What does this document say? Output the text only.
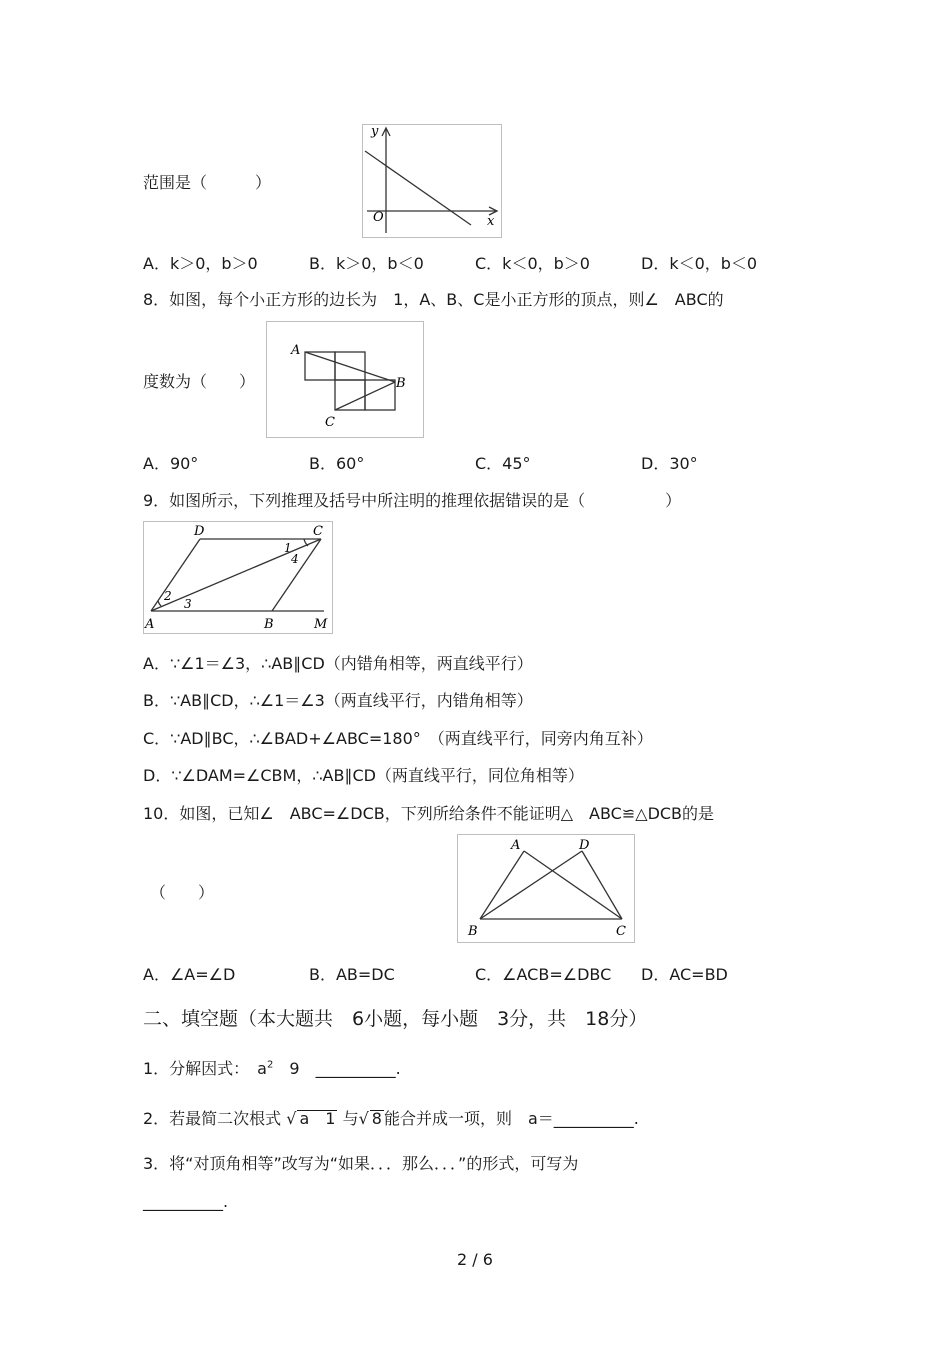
范围是（　　　）
y
x
O
A．k＞0，b＞0	B．k＞0，b＜0	C．k＜0，b＞0	D．k＜0，b＜0
8．如图，每个小正方形的边长为　1，A、B、C是小正方形的顶点，则∠　ABC的
度数为（　　）
A
B
C
A．90°	B．60°	C．45°	D．30°
9．如图所示，下列推理及括号中所注明的推理依据错误的是（　　　　　）
D	C
A	B	M
1
2
3
4
A．∵∠1＝∠3，∴AB∥CD（内错角相等，两直线平行）
B．∵AB∥CD，∴∠1＝∠3（两直线平行，内错角相等）
C．∵AD∥BC，∴∠BAD+∠ABC=180°　（两直线平行，同旁内角互补）
D．∵∠DAM=∠CBM，∴AB∥CD（两直线平行，同位角相等）
10．如图，已知∠　ABC=∠DCB，下列所给条件不能证明△　ABC≌△DCB的是
（　　）
A	D
B	C
A．∠A=∠D	B．AB=DC	C．∠ACB=∠DBC D．AC=BD
二、填空题（本大题共　6小题，每小题　3分，共　18分）
1．分解因式：　$a^2$　9　__________.
2．若最简二次根式 √ a　1 与√ 8 能合并成一项，则　a＝__________.
3．将“对顶角相等”改写为“如果．．．那么．．．”的形式，可写为
__________.
2 / 6
